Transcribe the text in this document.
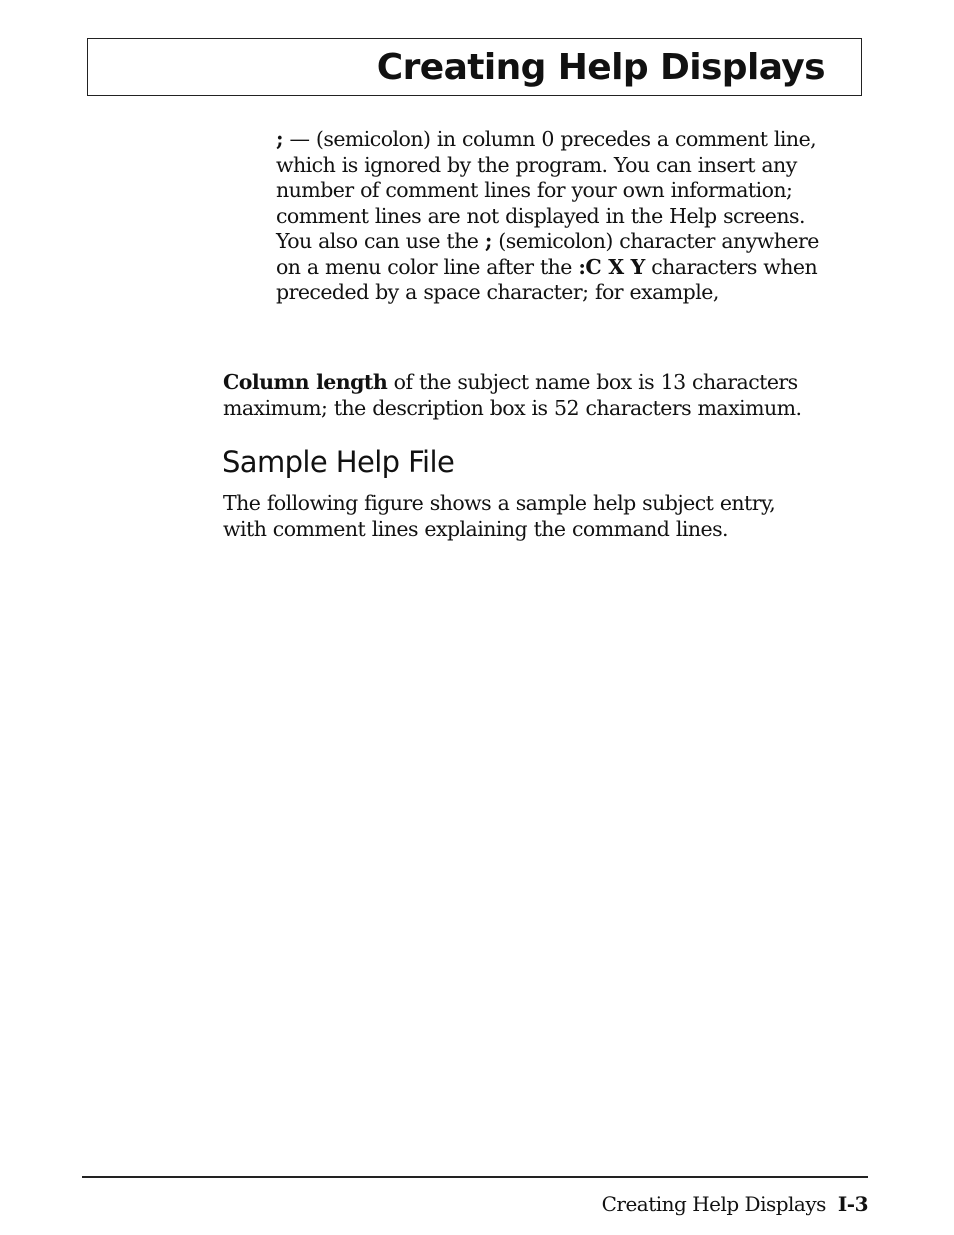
Creating Help Displays
; — (semicolon) in column 0 precedes a comment line,
which is ignored by the program. You can insert any
number of comment lines for your own information;
comment lines are not displayed in the Help screens.
You also can use the ; (semicolon) character anywhere
on a menu color line after the :C X Y characters when
preceded by a space character; for example,
Column length of the subject name box is 13 characters
maximum; the description box is 52 characters maximum.
Sample Help File
The following figure shows a sample help subject entry,
with comment lines explaining the command lines.
Creating Help Displays I-3
